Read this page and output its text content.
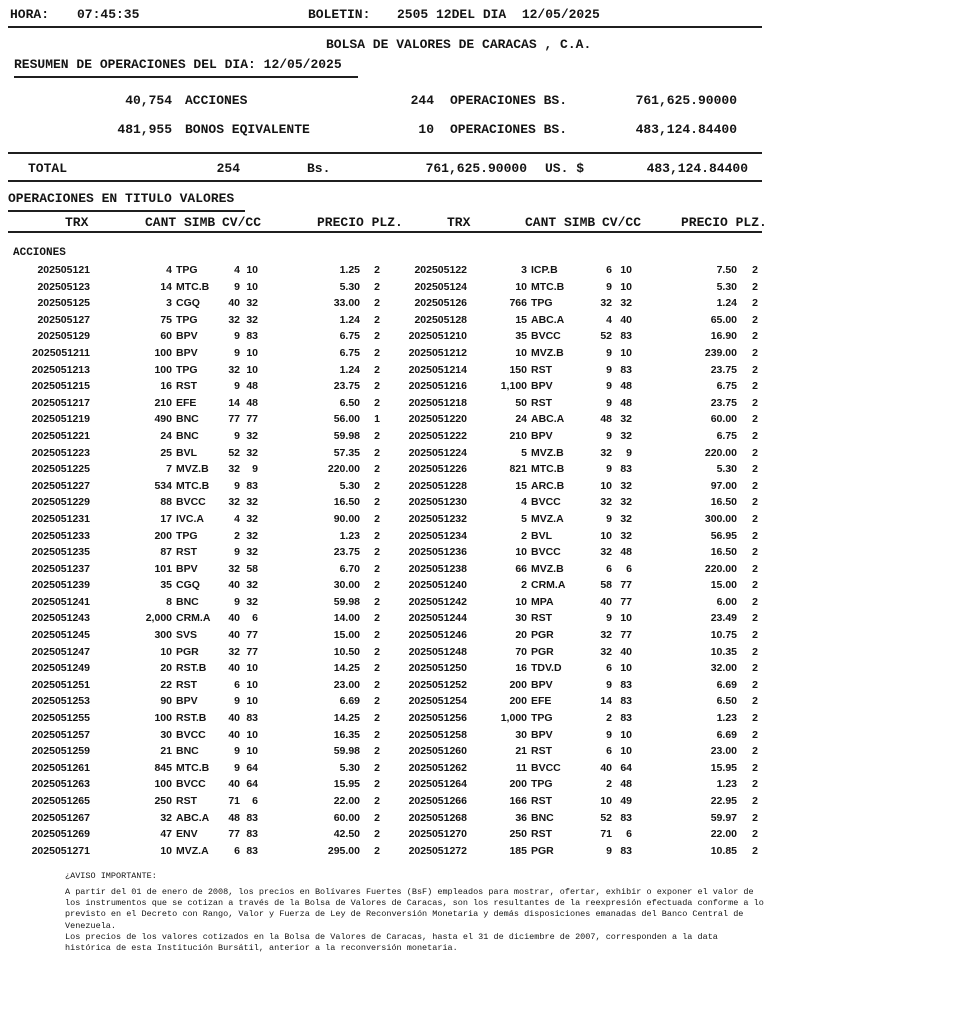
HORA: 07:45:35	BOLETIN: 2505 12DEL DIA  12/05/2025
BOLSA DE VALORES DE CARACAS , C.A.
RESUMEN DE OPERACIONES DEL DIA: 12/05/2025
40,754	ACCIONES	244	OPERACIONES BS.	761,625.90000
481,955	BONOS EQIVALENTE	10	OPERACIONES BS.	483,124.84400
TOTAL	254	Bs.	761,625.90000	US. $	483,124.84400
OPERACIONES EN TITULO VALORES
TRX	CANT SIMB CV/CC	PRECIO PLZ.	TRX	CANT SIMB CV/CC	PRECIO PLZ.
ACCIONES
202505121	4 TPG	4 10	1.25	2	202505122	3 ICP.B	6 10	7.50	2
202505123	14 MTC.B	9 10	5.30	2	202505124	10 MTC.B	9 10	5.30	2
202505125	3 CGQ	40 32	33.00	2	202505126	766 TPG	32 32	1.24	2
202505127	75 TPG	32 32	1.24	2	202505128	15 ABC.A	4 40	65.00	2
202505129	60 BPV	9 83	6.75	2	2025051210	35 BVCC	52 83	16.90	2
2025051211	100 BPV	9 10	6.75	2	2025051212	10 MVZ.B	9 10	239.00	2
2025051213	100 TPG	32 10	1.24	2	2025051214	150 RST	9 83	23.75	2
2025051215	16 RST	9 48	23.75	2	2025051216	1,100 BPV	9 48	6.75	2
2025051217	210 EFE	14 48	6.50	2	2025051218	50 RST	9 48	23.75	2
2025051219	490 BNC	77 77	56.00	1	2025051220	24 ABC.A	48 32	60.00	2
2025051221	24 BNC	9 32	59.98	2	2025051222	210 BPV	9 32	6.75	2
2025051223	25 BVL	52 32	57.35	2	2025051224	5 MVZ.B	32	9	220.00	2
2025051225	7 MVZ.B	32	9	220.00	2	2025051226	821 MTC.B	9 83	5.30	2
2025051227	534 MTC.B	9 83	5.30	2	2025051228	15 ARC.B	10 32	97.00	2
2025051229	88 BVCC	32 32	16.50	2	2025051230	4 BVCC	32 32	16.50	2
2025051231	17 IVC.A	4 32	90.00	2	2025051232	5 MVZ.A	9 32	300.00	2
2025051233	200 TPG	2 32	1.23	2	2025051234	2 BVL	10 32	56.95	2
2025051235	87 RST	9 32	23.75	2	2025051236	10 BVCC	32 48	16.50	2
2025051237	101 BPV	32 58	6.70	2	2025051238	66 MVZ.B	6	6	220.00	2
2025051239	35 CGQ	40 32	30.00	2	2025051240	2 CRM.A	58 77	15.00	2
2025051241	8 BNC	9 32	59.98	2	2025051242	10 MPA	40 77	6.00	2
2025051243	2,000 CRM.A	40	6	14.00	2	2025051244	30 RST	9 10	23.49	2
2025051245	300 SVS	40 77	15.00	2	2025051246	20 PGR	32 77	10.75	2
2025051247	10 PGR	32 77	10.50	2	2025051248	70 PGR	32 40	10.35	2
2025051249	20 RST.B	40 10	14.25	2	2025051250	16 TDV.D	6 10	32.00	2
2025051251	22 RST	6 10	23.00	2	2025051252	200 BPV	9 83	6.69	2
2025051253	90 BPV	9 10	6.69	2	2025051254	200 EFE	14 83	6.50	2
2025051255	100 RST.B	40 83	14.25	2	2025051256	1,000 TPG	2 83	1.23	2
2025051257	30 BVCC	40 10	16.35	2	2025051258	30 BPV	9 10	6.69	2
2025051259	21 BNC	9 10	59.98	2	2025051260	21 RST	6 10	23.00	2
2025051261	845 MTC.B	9 64	5.30	2	2025051262	11 BVCC	40 64	15.95	2
2025051263	100 BVCC	40 64	15.95	2	2025051264	200 TPG	2 48	1.23	2
2025051265	250 RST	71	6	22.00	2	2025051266	166 RST	10 49	22.95	2
2025051267	32 ABC.A	48 83	60.00	2	2025051268	36 BNC	52 83	59.97	2
2025051269	47 ENV	77 83	42.50	2	2025051270	250 RST	71	6	22.00	2
2025051271	10 MVZ.A	6 83	295.00	2	2025051272	185 PGR	9 83	10.85	2
¿AVISO IMPORTANTE:
A partir del 01 de enero de 2008, los precios en Bolívares Fuertes (BsF) empleados para mostrar, ofertar, exhibir o exponer el valor de
los instrumentos que se cotizan a través de la Bolsa de Valores de Caracas, son los resultantes de la reexpresión efectuada conforme a lo
previsto en el Decreto con Rango, Valor y Fuerza de Ley de Reconversión Monetaria y demás disposiciones emanadas del Banco Central de
Venezuela.
Los precios de los valores cotizados en la Bolsa de Valores de Caracas, hasta el 31 de diciembre de 2007, corresponden a la data
histórica de esta Institución Bursátil, anterior a la reconversión monetaria.
